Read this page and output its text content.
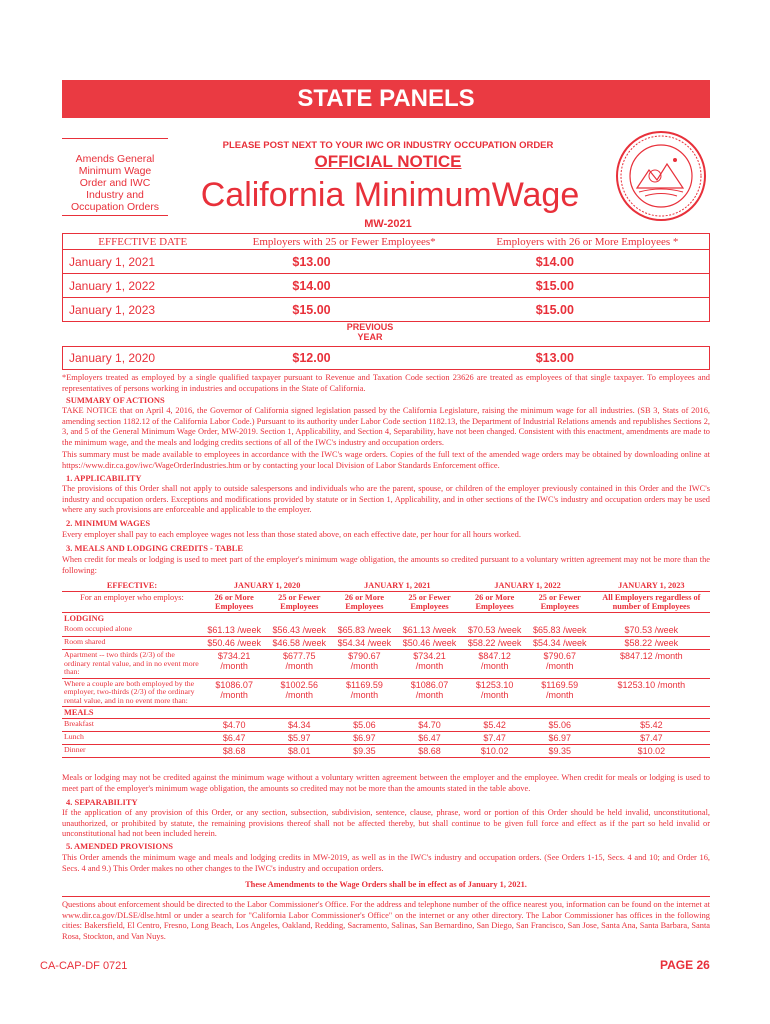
STATE PANELS
Amends General
Minimum Wage
Order and IWC
Industry and
Occupation Orders
PLEASE POST NEXT TO YOUR IWC OR INDUSTRY OCCUPATION ORDER
OFFICIAL NOTICE
California MinimumWage
MW-2021
EFFECTIVE DATE	Employers with 25 or Fewer Employees*	Employers with 26 or More Employees *
January 1, 2021	$13.00	$14.00
January 1, 2022	$14.00	$15.00
January 1, 2023	$15.00	$15.00
PREVIOUS
YEAR
January 1, 2020	$12.00	$13.00
*Employers treated as employed by a single qualified taxpayer pursuant to Revenue and Taxation Code section 23626 are treated as employees of that single taxpayer. To employees and representatives of persons working in industries and occupations in the State of California.
SUMMARY OF ACTIONS
TAKE NOTICE that on April 4, 2016, the Governor of California signed legislation passed by the California Legislature, raising the minimum wage for all industries. (SB 3, Stats of 2016, amending section 1182.12 of the California Labor Code.) Pursuant to its authority under Labor Code section 1182.13, the Department of Industrial Relations amends and republishes Sections 2, 3, and 5 of the General Minimum Wage Order, MW-2019. Section 1, Applicability, and Section 4, Separability, have not been changed. Consistent with this enactment, amendments are made to the minimum wage, and the meals and lodging credits sections of all of the IWC's industry and occupation orders.
This summary must be made available to employees in accordance with the IWC's wage orders. Copies of the full text of the amended wage orders may be obtained by downloading online at https://www.dir.ca.gov/iwc/WageOrderIndustries.htm or by contacting your local Division of Labor Standards Enforcement office.
1. APPLICABILITY
The provisions of this Order shall not apply to outside salespersons and individuals who are the parent, spouse, or children of the employer previously contained in this Order and the IWC's industry and occupation orders. Exceptions and modifications provided by statute or in Section 1, Applicability, and in other sections of the IWC's industry and occupation orders may be used where any such provisions are enforceable and applicable to the employer.
2. MINIMUM WAGES
Every employer shall pay to each employee wages not less than those stated above, on each effective date, per hour for all hours worked.
3. MEALS AND LODGING CREDITS - TABLE
When credit for meals or lodging is used to meet part of the employer's minimum wage obligation, the amounts so credited pursuant to a voluntary written agreement may not be more than the following:
EFFECTIVE:	JANUARY 1, 2020		JANUARY 1, 2021		JANUARY 1, 2022		JANUARY 1, 2023
For an employer who employs:	26 or More Employees	25 or Fewer Employees	26 or More Employees	25 or Fewer Employees	26 or More Employees	25 or Fewer Employees	All Employers regardless of number of Employees
LODGING							
Room occupied alone	$61.13 /week	$56.43 /week	$65.83 /week	$61.13 /week	$70.53 /week	$65.83 /week	$70.53 /week
Room shared	$50.46 /week	$46.58 /week	$54.34 /week	$50.46 /week	$58.22 /week	$54.34 /week	$58.22 /week
Apartment -- two thirds (2/3) of the ordinary rental value, and in no event more than:	$734.21 /month	$677.75 /month	$790.67 /month	$734.21 /month	$847.12 /month	$790.67 /month	$847.12 /month
Where a couple are both employed by the employer, two-thirds (2/3) of the ordinary rental value, and in no event more than:	$1086.07 /month	$1002.56 /month	$1169.59 /month	$1086.07 /month	$1253.10 /month	$1169.59 /month	$1253.10 /month
MEALS							
Breakfast	$4.70	$4.34	$5.06	$4.70	$5.42	$5.06	$5.42
Lunch	$6.47	$5.97	$6.97	$6.47	$7.47	$6.97	$7.47
Dinner	$8.68	$8.01	$9.35	$8.68	$10.02	$9.35	$10.02
Meals or lodging may not be credited against the minimum wage without a voluntary written agreement between the employer and the employee. When credit for meals or lodging is used to meet part of the employer's minimum wage obligation, the amounts so credited may not be more than the amounts stated in the table above.
4. SEPARABILITY
If the application of any provision of this Order, or any section, subsection, subdivision, sentence, clause, phrase, word or portion of this Order should be held invalid, unconstitutional, unauthorized, or prohibited by statute, the remaining provisions thereof shall not be affected thereby, but shall continue to be given full force and effect as if the part so held invalid or unconstitutional had not been included herein.
5. AMENDED PROVISIONS
This Order amends the minimum wage and meals and lodging credits in MW-2019, as well as in the IWC's industry and occupation orders. (See Orders 1-15, Secs. 4 and 10; and Order 16, Secs. 4 and 9.) This Order makes no other changes to the IWC's industry and occupation orders.
These Amendments to the Wage Orders shall be in effect as of January 1, 2021.
Questions about enforcement should be directed to the Labor Commissioner's Office. For the address and telephone number of the office nearest you, information can be found on the internet at www.dir.ca.gov/DLSE/dlse.html or under a search for "California Labor Commissioner's Office" on the internet or any other directory. The Labor Commissioner has offices in the following cities: Bakersfield, El Centro, Fresno, Long Beach, Los Angeles, Oakland, Redding, Sacramento, Salinas, San Bernardino, San Diego, San Francisco, San Jose, Santa Ana, Santa Barbara, Santa Rosa, Stockton, and Van Nuys.
CA-CAP-DF 0721	PAGE 26
